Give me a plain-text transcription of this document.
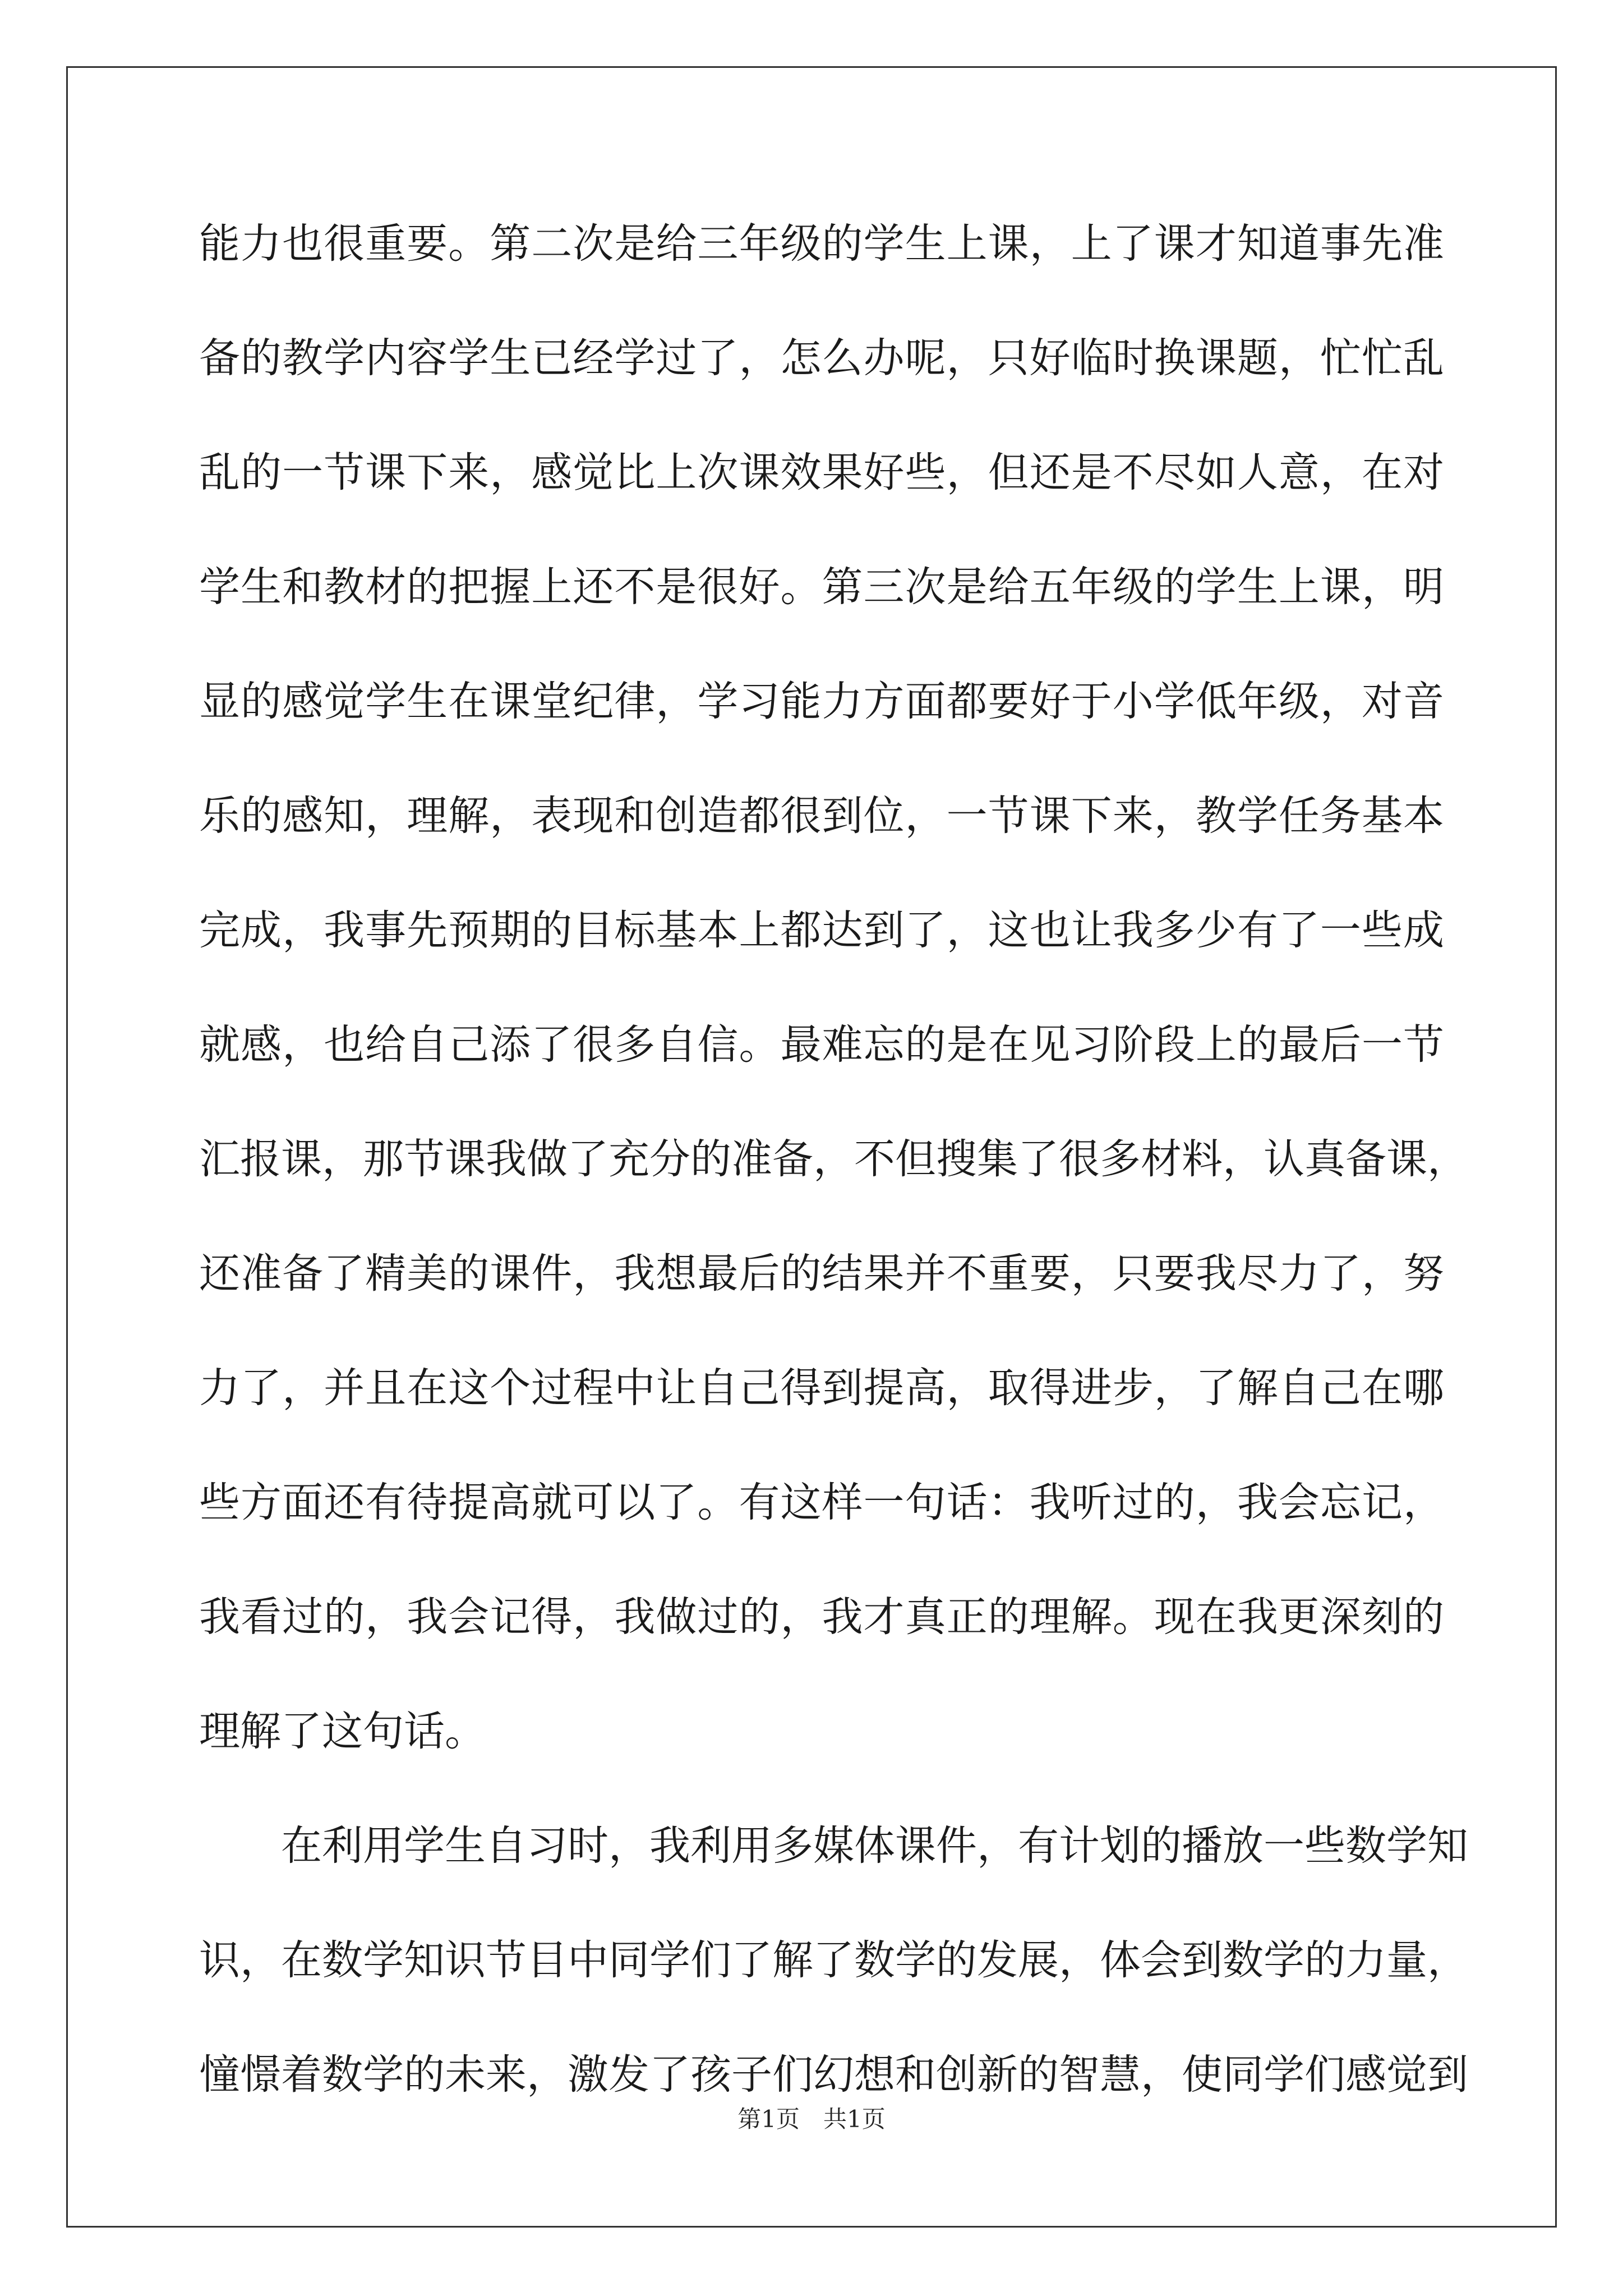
能力也很重要。第二次是给三年级的学生上课，上了课才知道事先准
备的教学内容学生已经学过了，怎么办呢，只好临时换课题，忙忙乱
乱的一节课下来，感觉比上次课效果好些，但还是不尽如人意，在对
学生和教材的把握上还不是很好。第三次是给五年级的学生上课，明
显的感觉学生在课堂纪律，学习能力方面都要好于小学低年级，对音
乐的感知，理解，表现和创造都很到位，一节课下来，教学任务基本
完成，我事先预期的目标基本上都达到了，这也让我多少有了一些成
就感，也给自己添了很多自信。最难忘的是在见习阶段上的最后一节
汇报课，那节课我做了充分的准备，不但搜集了很多材料，认真备课，
还准备了精美的课件，我想最后的结果并不重要，只要我尽力了，努
力了，并且在这个过程中让自己得到提高，取得进步，了解自己在哪
些方面还有待提高就可以了。有这样一句话：我听过的，我会忘记，
我看过的，我会记得，我做过的，我才真正的理解。现在我更深刻的
理解了这句话。
在利用学生自习时，我利用多媒体课件，有计划的播放一些数学知
识，在数学知识节目中同学们了解了数学的发展，体会到数学的力量，
憧憬着数学的未来，激发了孩子们幻想和创新的智慧，使同学们感觉到
第1页 共1页
